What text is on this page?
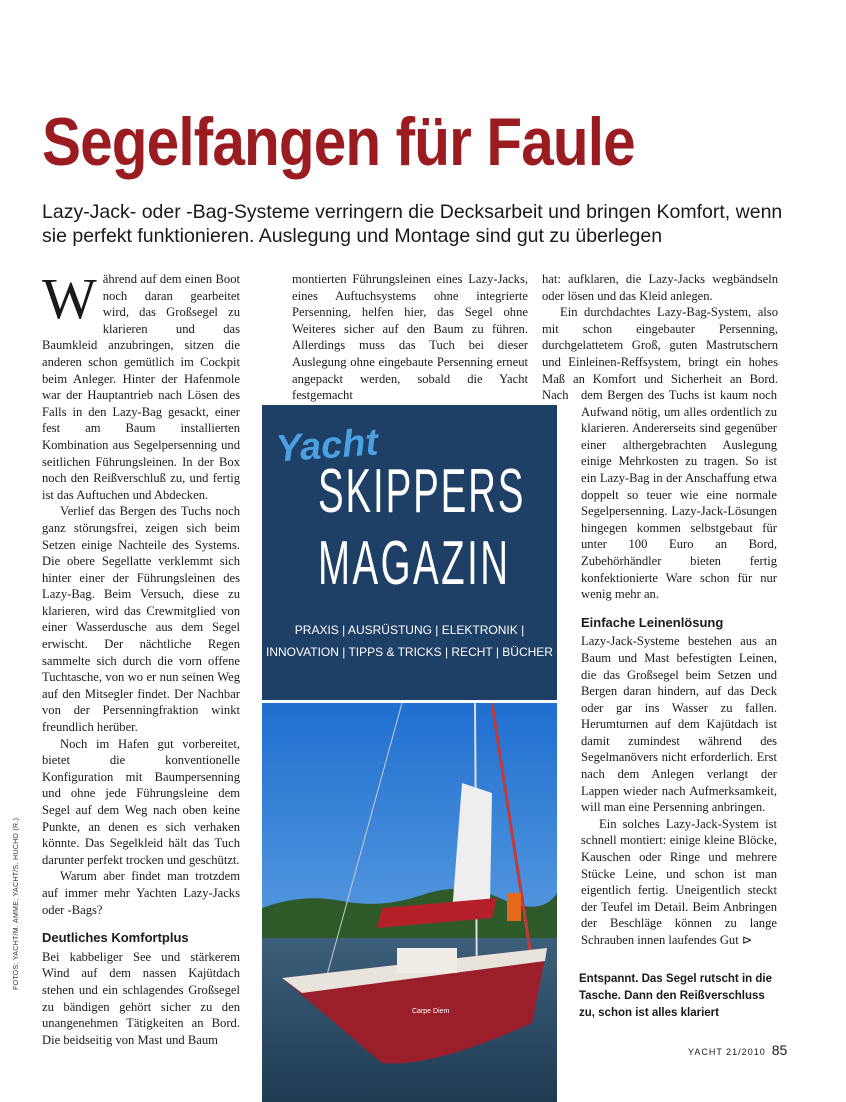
Segelfangen für Faule
Lazy-Jack- oder -Bag-Systeme verringern die Decksarbeit und bringen Komfort, wenn sie perfekt funktionieren. Auslegung und Montage sind gut zu überlegen

Während auf dem einen Boot noch daran gearbeitet wird, das Großsegel zu klarieren und das Baumkleid anzubringen, sitzen die anderen schon gemütlich im Cockpit beim Anleger. Hinter der Hafenmole war der Hauptantrieb nach Lösen des Falls in den Lazy-Bag gesackt, einer fest am Baum installierten Kombination aus Segelpersenning und seitlichen Führungsleinen. In der Box noch den Reißverschluß zu, und fertig ist das Auftuchen und Abdecken.

Verlief das Bergen des Tuchs noch ganz störungsfrei, zeigen sich beim Setzen einige Nachteile des Systems. Die obere Segellatte verklemmt sich hinter einer der Führungsleinen des Lazy-Bag. Beim Versuch, diese zu klarieren, wird das Crewmitglied von einer Wasserdusche aus dem Segel erwischt. Der nächtliche Regen sammelte sich durch die vorn offene Tuchtasche, von wo er nun seinen Weg auf den Mitsegler findet. Der Nachbar von der Persenningfraktion winkt freundlich herüber.

Noch im Hafen gut vorbereitet, bietet die konventionelle Konfiguration mit Baumpersenning und ohne jede Führungsleine dem Segel auf dem Weg nach oben keine Punkte, an denen es sich verhaken könnte. Das Segelkleid hält das Tuch darunter perfekt trocken und geschützt.

Warum aber findet man trotzdem auf immer mehr Yachten Lazy-Jacks oder -Bags?

Deutliches Komfortplus

Bei kabbeliger See und stärkerem Wind auf dem nassen Kajütdach stehen und ein schlagendes Großsegel zu bändigen gehört sicher zu den unangenehmen Tätigkeiten an Bord. Die beidseitig von Mast und Baum

montierten Führungsleinen eines Lazy-Jacks, eines Auftuchsystems ohne integrierte Persenning, helfen hier, das Segel ohne Weiteres sicher auf den Baum zu führen. Allerdings muss das Tuch bei dieser Auslegung ohne eingebaute Persenning erneut angepackt werden, sobald die Yacht festgemacht

hat: aufklaren, die Lazy-Jacks wegbändseln oder lösen und das Kleid anlegen.

Ein durchdachtes Lazy-Bag-System, also mit schon eingebauter Persenning, durchgelattetem Groß, guten Mastrutschern und Einleinen-Reffsystem, bringt ein hohes Maß an Komfort und Sicherheit an Bord. Nach dem Bergen des Tuchs ist kaum noch Aufwand nötig, um alles ordentlich zu klarieren. Andererseits sind gegenüber einer althergebrachten Auslegung einige Mehrkosten zu tragen. So ist ein Lazy-Bag in der Anschaffung etwa doppelt so teuer wie eine normale Segelpersenning. Lazy-Jack-Lösungen hingegen kommen selbstgebaut für unter 100 Euro an Bord, Zubehörhändler bieten fertig konfektionierte Ware schon für nur wenig mehr an.

Einfache Leinenlösung

Lazy-Jack-Systeme bestehen aus an Baum und Mast befestigten Leinen, die das Großsegel beim Setzen und Bergen daran hindern, auf das Deck oder gar ins Wasser zu fallen. Herumturnen auf dem Kajütdach ist damit zumindest während des Segelmanövers nicht erforderlich. Erst nach dem Anlegen verlangt der Lappen wieder nach Aufmerksamkeit, will man eine Persenning anbringen.

Ein solches Lazy-Jack-System ist schnell montiert: einige kleine Blöcke, Kauschen oder Ringe und mehrere Stücke Leine, und schon ist man eigentlich fertig. Uneigentlich steckt der Teufel im Detail. Beim Anbringen der Beschläge können zu lange Schrauben innen laufendes Gut ⊳

Yacht
SKIPPERS
MAGAZIN
PRAXIS | AUSRÜSTUNG | ELEKTRONIK |
INNOVATION | TIPPS & TRICKS | RECHT | BÜCHER
Carpe Diem
Entspannt. Das Segel rutscht in die Tasche. Dann den Reißverschluss zu, schon ist alles klariert
FOTOS: YACHT/M. AMME; YACHT/S. HUCHO (R.)
YACHT 21/2010 85
